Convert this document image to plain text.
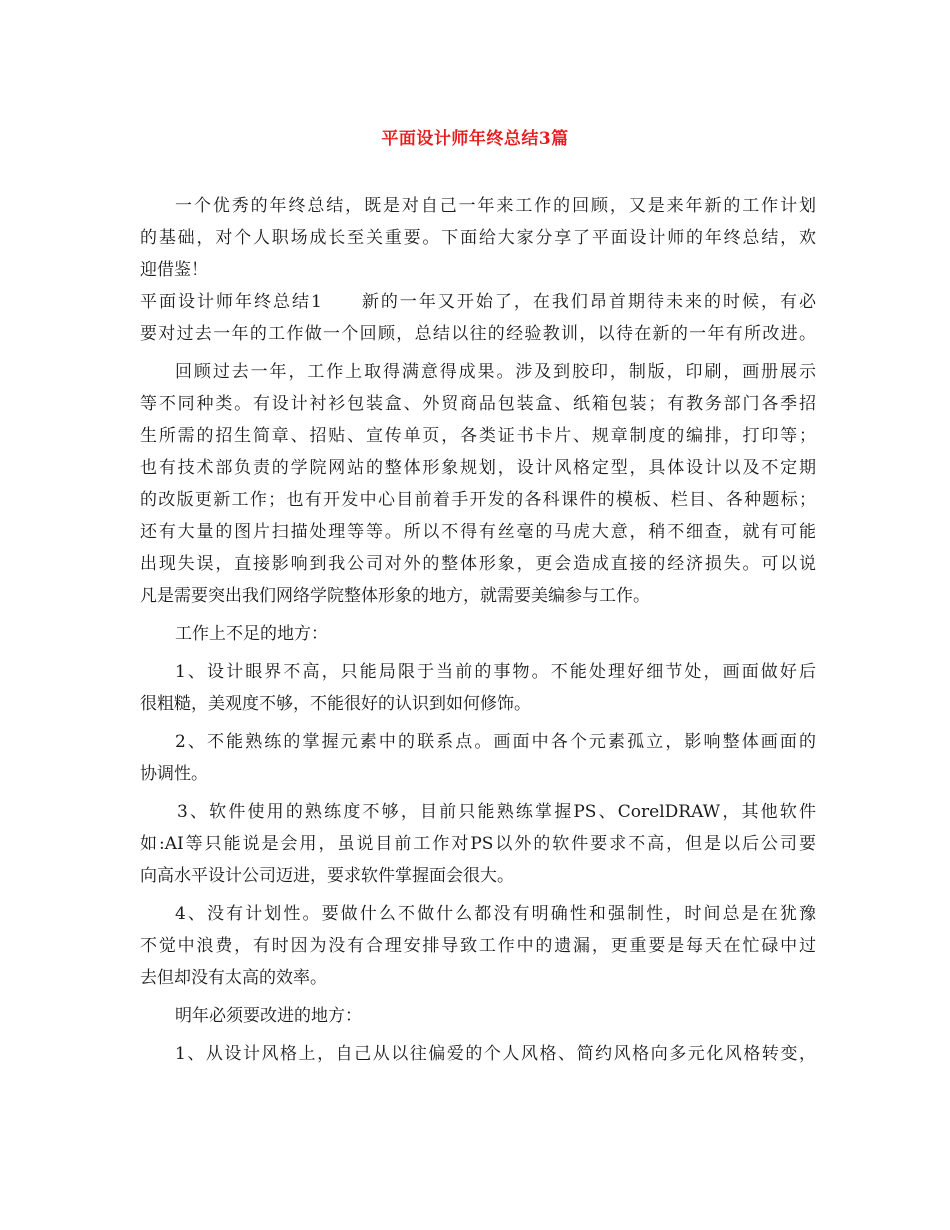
平面设计师年终总结3篇
一个优秀的年终总结，既是对自己一年来工作的回顾，又是来年新的工作计划
的基础，对个人职场成长至关重要。下面给大家分享了平面设计师的年终总结，欢
迎借鉴！
平面设计师年终总结1　　新的一年又开始了，在我们昂首期待未来的时候，有必
要对过去一年的工作做一个回顾，总结以往的经验教训，以待在新的一年有所改进。
回顾过去一年，工作上取得满意得成果。涉及到胶印，制版，印刷，画册展示
等不同种类。有设计衬衫包装盒、外贸商品包装盒、纸箱包装；有教务部门各季招
生所需的招生简章、招贴、宣传单页，各类证书卡片、规章制度的编排，打印等；
也有技术部负责的学院网站的整体形象规划，设计风格定型，具体设计以及不定期
的改版更新工作；也有开发中心目前着手开发的各科课件的模板、栏目、各种题标；
还有大量的图片扫描处理等等。所以不得有丝毫的马虎大意，稍不细查，就有可能
出现失误，直接影响到我公司对外的整体形象，更会造成直接的经济损失。可以说
凡是需要突出我们网络学院整体形象的地方，就需要美编参与工作。
工作上不足的地方：
1、设计眼界不高，只能局限于当前的事物。不能处理好细节处，画面做好后
很粗糙，美观度不够，不能很好的认识到如何修饰。
2、不能熟练的掌握元素中的联系点。画面中各个元素孤立，影响整体画面的
协调性。
3、软件使用的熟练度不够，目前只能熟练掌握PS、CorelDRAW，其他软件
如:AI等只能说是会用，虽说目前工作对PS以外的软件要求不高，但是以后公司要
向高水平设计公司迈进，要求软件掌握面会很大。
4、没有计划性。要做什么不做什么都没有明确性和强制性，时间总是在犹豫
不觉中浪费，有时因为没有合理安排导致工作中的遗漏，更重要是每天在忙碌中过
去但却没有太高的效率。
明年必须要改进的地方：
1、从设计风格上，自己从以往偏爱的个人风格、简约风格向多元化风格转变，
